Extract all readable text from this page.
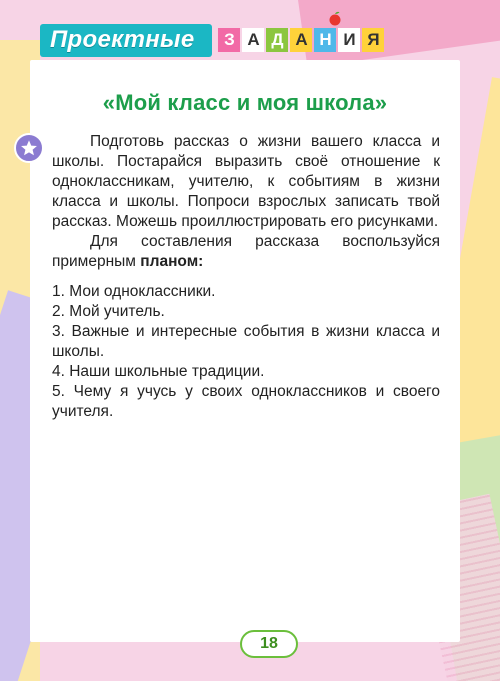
Проектные	З А Д А Н И Я
«Мой класс и моя школа»

Подготовь рассказ о жизни вашего класса и школы. Постарайся выразить своё отношение к одноклассникам, учителю, к событиям в жизни класса и школы. Попроси взрослых записать твой рассказ. Можешь проиллюстрировать его рисунками.

Для составления рассказа воспользуйся примерным планом:

1. Мои одноклассники.
2. Мой учитель.
3. Важные и интересные события в жизни класса и школы.
4. Наши школьные традиции.
5. Чему я учусь у своих одноклассников и своего учителя.
18
